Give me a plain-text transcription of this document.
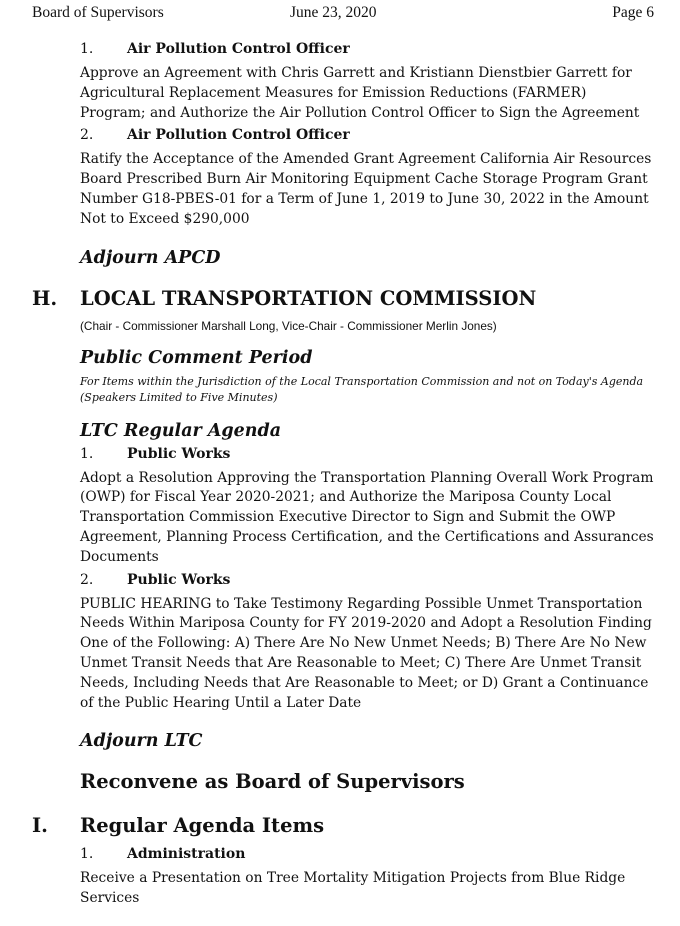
Board of Supervisors	June 23, 2020	Page 6
1. Air Pollution Control Officer
Approve an Agreement with Chris Garrett and Kristiann Dienstbier Garrett for Agricultural Replacement Measures for Emission Reductions (FARMER) Program; and Authorize the Air Pollution Control Officer to Sign the Agreement
2. Air Pollution Control Officer
Ratify the Acceptance of the Amended Grant Agreement California Air Resources Board Prescribed Burn Air Monitoring Equipment Cache Storage Program Grant Number G18-PBES-01 for a Term of June 1, 2019 to June 30, 2022 in the Amount Not to Exceed $290,000
Adjourn APCD
H. LOCAL TRANSPORTATION COMMISSION
(Chair - Commissioner Marshall Long, Vice-Chair - Commissioner Merlin Jones)
Public Comment Period
For Items within the Jurisdiction of the Local Transportation Commission and not on Today's Agenda (Speakers Limited to Five Minutes)
LTC Regular Agenda
1. Public Works
Adopt a Resolution Approving the Transportation Planning Overall Work Program (OWP) for Fiscal Year 2020-2021; and Authorize the Mariposa County Local Transportation Commission Executive Director to Sign and Submit the OWP Agreement, Planning Process Certification, and the Certifications and Assurances Documents
2. Public Works
PUBLIC HEARING to Take Testimony Regarding Possible Unmet Transportation Needs Within Mariposa County for FY 2019-2020 and Adopt a Resolution Finding One of the Following: A) There Are No New Unmet Needs; B) There Are No New Unmet Transit Needs that Are Reasonable to Meet; C) There Are Unmet Transit Needs, Including Needs that Are Reasonable to Meet; or D) Grant a Continuance of the Public Hearing Until a Later Date
Adjourn LTC
Reconvene as Board of Supervisors
I. Regular Agenda Items
1. Administration
Receive a Presentation on Tree Mortality Mitigation Projects from Blue Ridge Services
